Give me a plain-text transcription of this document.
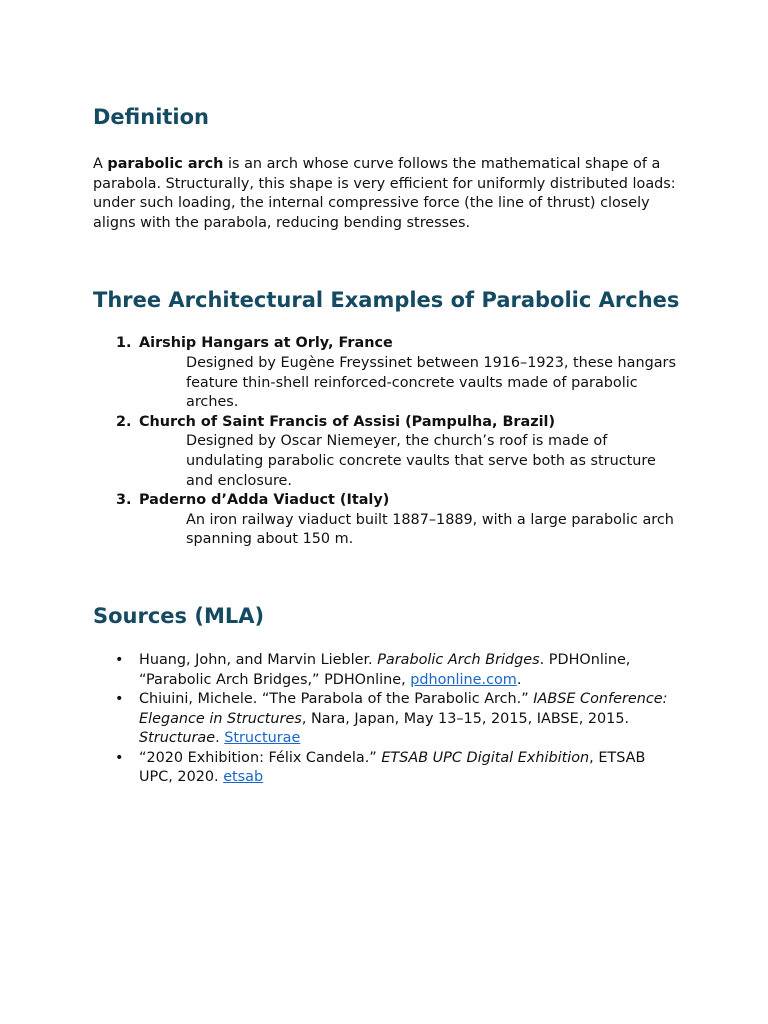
Definition

A parabolic arch is an arch whose curve follows the mathematical shape of a parabola. Structurally, this shape is very efficient for uniformly distributed loads: under such loading, the internal compressive force (the line of thrust) closely aligns with the parabola, reducing bending stresses.

Three Architectural Examples of Parabolic Arches
1. Airship Hangars at Orly, France
Designed by Eugène Freyssinet between 1916–1923, these hangars feature thin-shell reinforced-concrete vaults made of parabolic arches.
2. Church of Saint Francis of Assisi (Pampulha, Brazil)
Designed by Oscar Niemeyer, the church’s roof is made of undulating parabolic concrete vaults that serve both as structure and enclosure.
3. Paderno d’Adda Viaduct (Italy)
An iron railway viaduct built 1887–1889, with a large parabolic arch spanning about 150 m.
Sources (MLA)
• Huang, John, and Marvin Liebler. Parabolic Arch Bridges. PDHOnline, “Parabolic Arch Bridges,” PDHOnline, pdhonline.com.
• Chiuini, Michele. “The Parabola of the Parabolic Arch.” IABSE Conference: Elegance in Structures, Nara, Japan, May 13–15, 2015, IABSE, 2015. Structurae. Structurae
• “2020 Exhibition: Félix Candela.” ETSAB UPC Digital Exhibition, ETSAB UPC, 2020. etsab
